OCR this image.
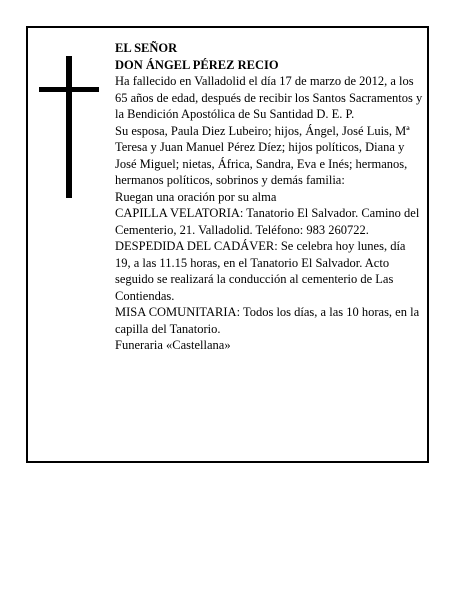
EL SEÑOR

DON ÁNGEL PÉREZ RECIO

Ha fallecido en Valladolid el día 17 de marzo de 2012, a los 65 años de edad, después de recibir los Santos Sacramentos y la Bendición Apostólica de Su Santidad D. E. P.

Su esposa, Paula Diez Lubeiro; hijos, Ángel, José Luis, Mª Teresa y Juan Manuel Pérez Díez; hijos políticos, Diana y José Miguel; nietas, África, Sandra, Eva e Inés; hermanos, hermanos políticos, sobrinos y demás familia:

Ruegan una oración por su alma

CAPILLA VELATORIA: Tanatorio El Salvador. Camino del Cementerio, 21. Valladolid. Teléfono: 983 260722.

DESPEDIDA DEL CADÁVER: Se celebra hoy lunes, día 19, a las 11.15 horas, en el Tanatorio El Salvador. Acto seguido se realizará la conducción al cementerio de Las Contiendas.

MISA COMUNITARIA: Todos los días, a las 10 horas, en la capilla del Tanatorio.

Funeraria «Castellana»
